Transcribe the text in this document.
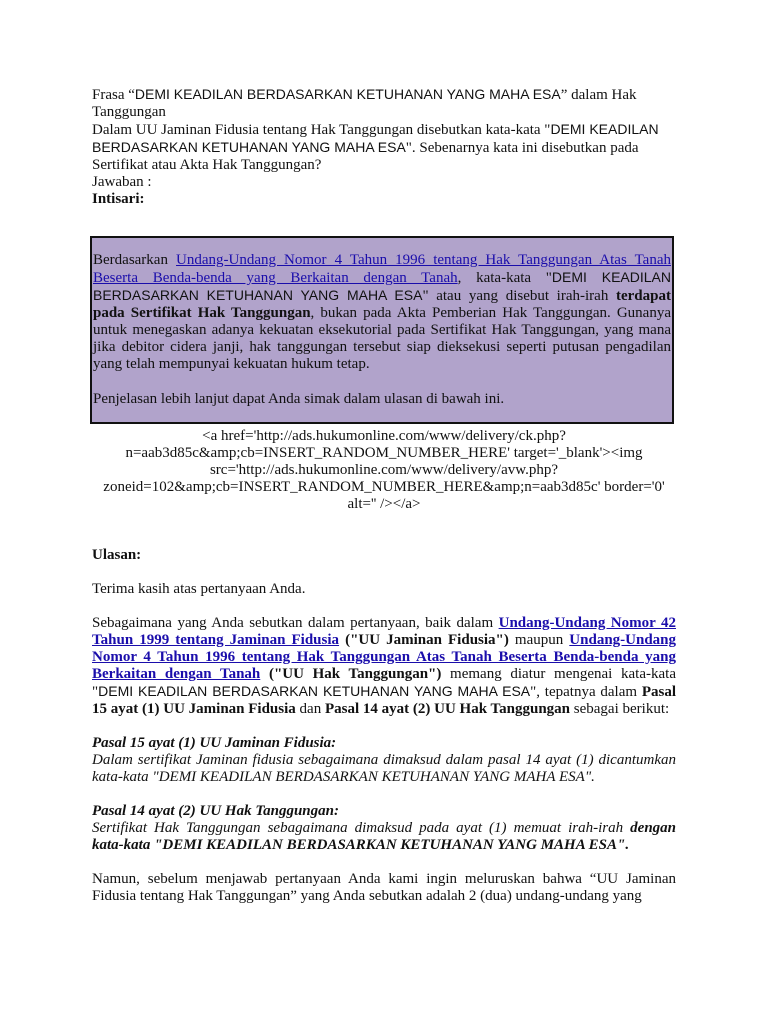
Frasa “DEMI KEADILAN BERDASARKAN KETUHANAN YANG MAHA ESA” dalam Hak Tanggungan

Dalam UU Jaminan Fidusia tentang Hak Tanggungan disebutkan kata-kata "DEMI KEADILAN BERDASARKAN KETUHANAN YANG MAHA ESA". Sebenarnya kata ini disebutkan pada Sertifikat atau Akta Hak Tanggungan?

Jawaban :

Intisari:

Berdasarkan Undang-Undang Nomor 4 Tahun 1996 tentang Hak Tanggungan Atas Tanah Beserta Benda-benda yang Berkaitan dengan Tanah, kata-kata "DEMI KEADILAN BERDASARKAN KETUHANAN YANG MAHA ESA" atau yang disebut irah-irah terdapat pada Sertifikat Hak Tanggungan, bukan pada Akta Pemberian Hak Tanggungan. Gunanya untuk menegaskan adanya kekuatan eksekutorial pada Sertifikat Hak Tanggungan, yang mana jika debitor cidera janji, hak tanggungan tersebut siap dieksekusi seperti putusan pengadilan yang telah mempunyai kekuatan hukum tetap.

Penjelasan lebih lanjut dapat Anda simak dalam ulasan di bawah ini.

<a href='http://ads.hukumonline.com/www/delivery/ck.php?n=aab3d85c&amp;cb=INSERT_RANDOM_NUMBER_HERE' target='_blank'><img src='http://ads.hukumonline.com/www/delivery/avw.php?zoneid=102&amp;cb=INSERT_RANDOM_NUMBER_HERE&amp;n=aab3d85c' border='0' alt='' /></a>

Ulasan:

Terima kasih atas pertanyaan Anda.

Sebagaimana yang Anda sebutkan dalam pertanyaan, baik dalam Undang-Undang Nomor 42 Tahun 1999 tentang Jaminan Fidusia ("UU Jaminan Fidusia") maupun Undang-Undang Nomor 4 Tahun 1996 tentang Hak Tanggungan Atas Tanah Beserta Benda-benda yang Berkaitan dengan Tanah ("UU Hak Tanggungan") memang diatur mengenai kata-kata "DEMI KEADILAN BERDASARKAN KETUHANAN YANG MAHA ESA", tepatnya dalam Pasal 15 ayat (1) UU Jaminan Fidusia dan Pasal 14 ayat (2) UU Hak Tanggungan sebagai berikut:

Pasal 15 ayat (1) UU Jaminan Fidusia:

Dalam sertifikat Jaminan fidusia sebagaimana dimaksud dalam pasal 14 ayat (1) dicantumkan kata-kata "DEMI KEADILAN BERDASARKAN KETUHANAN YANG MAHA ESA".

Pasal 14 ayat (2) UU Hak Tanggungan:

Sertifikat Hak Tanggungan sebagaimana dimaksud pada ayat (1) memuat irah-irah dengan kata-kata "DEMI KEADILAN BERDASARKAN KETUHANAN YANG MAHA ESA".

Namun, sebelum menjawab pertanyaan Anda kami ingin meluruskan bahwa “UU Jaminan Fidusia tentang Hak Tanggungan” yang Anda sebutkan adalah 2 (dua) undang-undang yang
